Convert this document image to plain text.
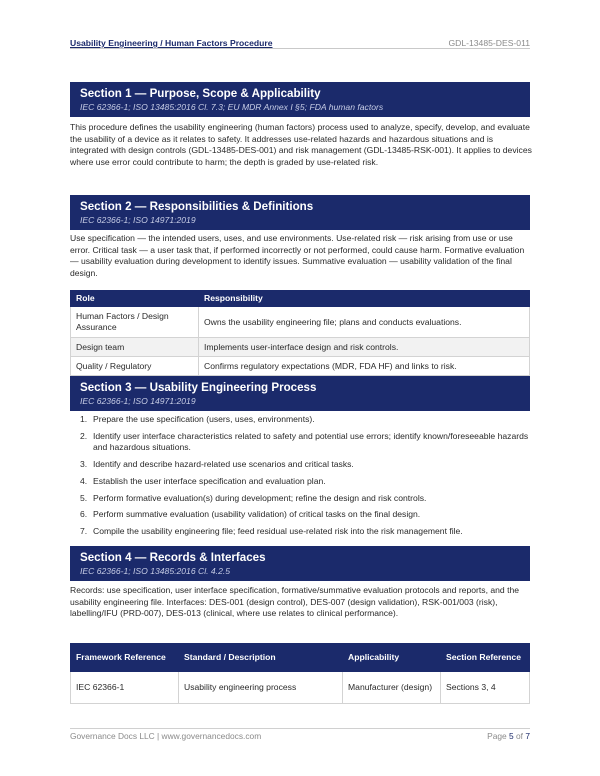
Usability Engineering / Human Factors Procedure	GDL-13485-DES-011
Section 1 — Purpose, Scope & Applicability
IEC 62366-1; ISO 13485:2016 Cl. 7.3; EU MDR Annex I §5; FDA human factors
This procedure defines the usability engineering (human factors) process used to analyze, specify, develop, and evaluate the usability of a device as it relates to safety. It addresses use-related hazards and hazardous situations and is integrated with design controls (GDL-13485-DES-001) and risk management (GDL-13485-RSK-001). It applies to devices where use error could contribute to harm; the depth is graded by use-related risk.
Section 2 — Responsibilities & Definitions
IEC 62366-1; ISO 14971:2019
Use specification — the intended users, uses, and use environments. Use-related risk — risk arising from use or use error. Critical task — a user task that, if performed incorrectly or not performed, could cause harm. Formative evaluation — usability evaluation during development to identify issues. Summative evaluation — usability validation of the final design.
Role	Responsibility
Human Factors / Design Assurance	Owns the usability engineering file; plans and conducts evaluations.
Design team	Implements user-interface design and risk controls.
Quality / Regulatory	Confirms regulatory expectations (MDR, FDA HF) and links to risk.
Section 3 — Usability Engineering Process
IEC 62366-1; ISO 14971:2019
1. Prepare the use specification (users, uses, environments).
2. Identify user interface characteristics related to safety and potential use errors; identify known/foreseeable hazards and hazardous situations.
3. Identify and describe hazard-related use scenarios and critical tasks.
4. Establish the user interface specification and evaluation plan.
5. Perform formative evaluation(s) during development; refine the design and risk controls.
6. Perform summative evaluation (usability validation) of critical tasks on the final design.
7. Compile the usability engineering file; feed residual use-related risk into the risk management file.
Section 4 — Records & Interfaces
IEC 62366-1; ISO 13485:2016 Cl. 4.2.5
Records: use specification, user interface specification, formative/summative evaluation protocols and reports, and the usability engineering file. Interfaces: DES-001 (design control), DES-007 (design validation), RSK-001/003 (risk), labelling/IFU (PRD-007), DES-013 (clinical, where use relates to clinical performance).
Framework Reference	Standard / Description	Applicability	Section Reference
IEC 62366-1	Usability engineering process	Manufacturer (design)	Sections 3, 4
Governance Docs LLC | www.governancedocs.com	Page 5 of 7
